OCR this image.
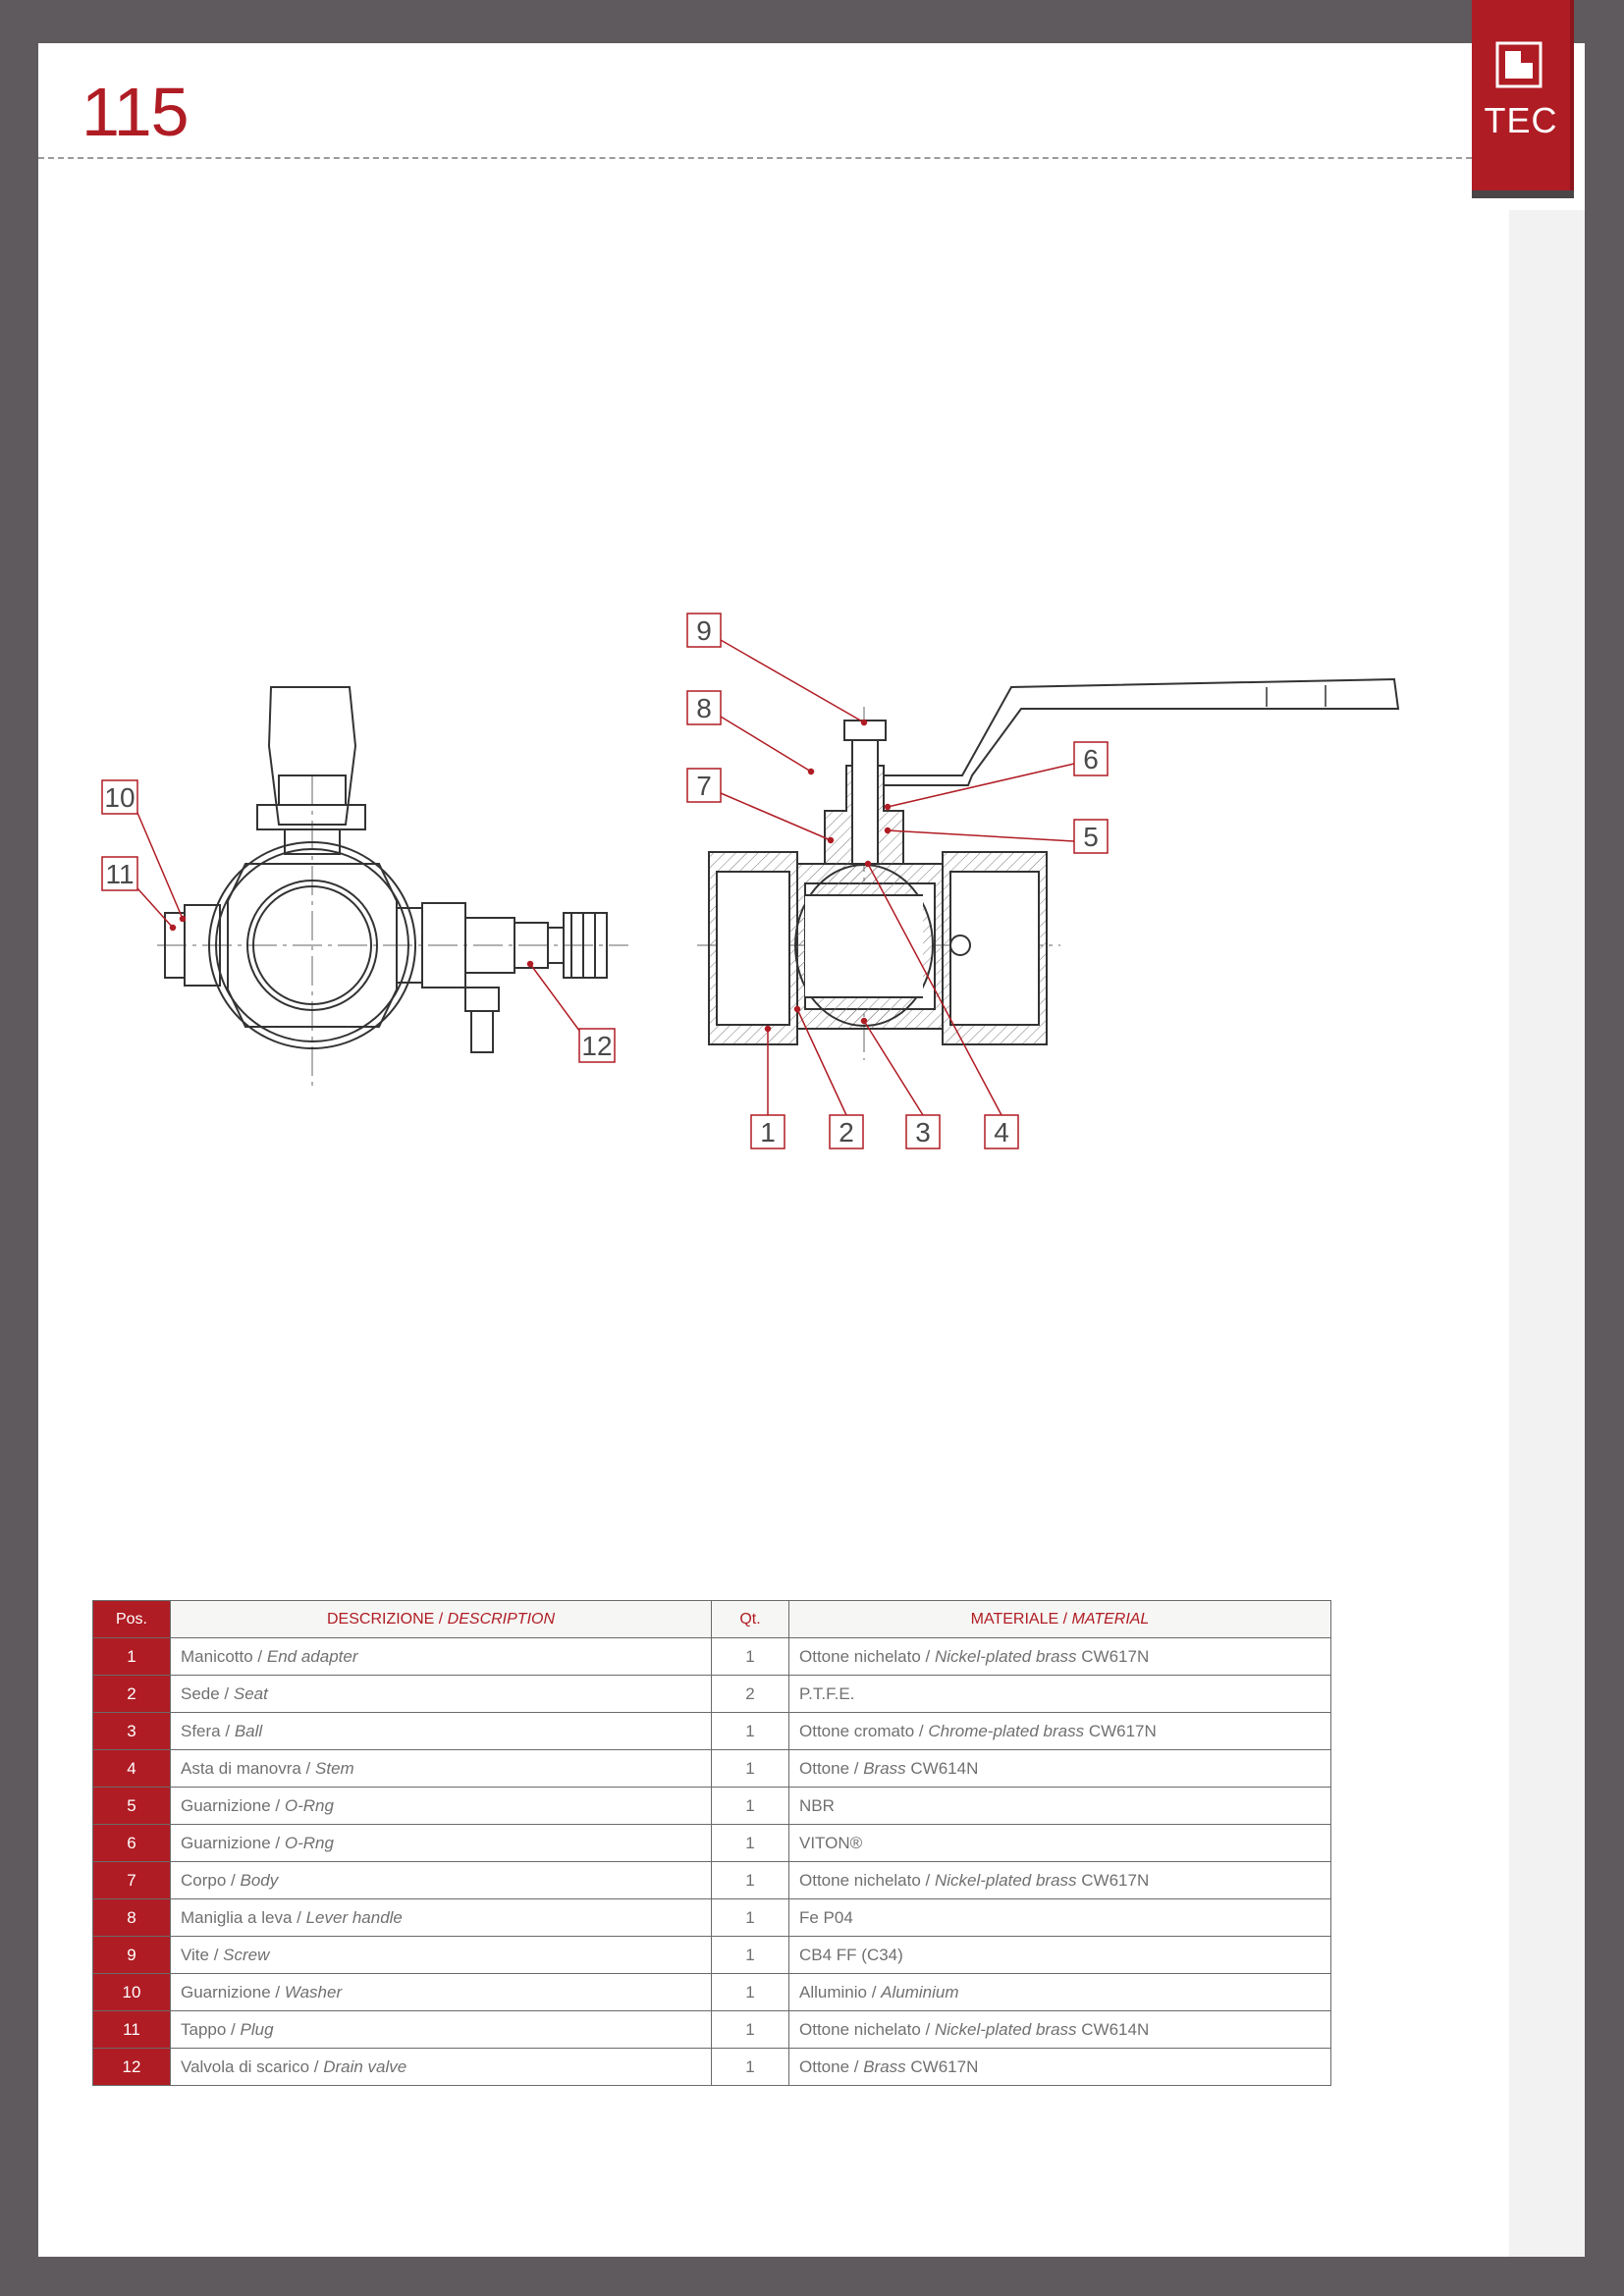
115	TEC
10
11
12
9
8
7
6
5
1 2 3 4
Pos.	DESCRIZIONE / DESCRIPTION	Qt.	MATERIALE / MATERIAL
1	Manicotto / End adapter	1	Ottone nichelato / Nickel-plated brass CW617N
2	Sede / Seat	2	P.T.F.E.
3	Sfera / Ball	1	Ottone cromato / Chrome-plated brass CW617N
4	Asta di manovra / Stem	1	Ottone / Brass CW614N
5	Guarnizione / O-Rng	1	NBR
6	Guarnizione / O-Rng	1	VITON®
7	Corpo / Body	1	Ottone nichelato / Nickel-plated brass CW617N
8	Maniglia a leva / Lever handle	1	Fe P04
9	Vite / Screw	1	CB4 FF (C34)
10	Guarnizione / Washer	1	Alluminio / Aluminium
11	Tappo / Plug	1	Ottone nichelato / Nickel-plated brass CW614N
12	Valvola di scarico / Drain valve	1	Ottone / Brass CW617N
